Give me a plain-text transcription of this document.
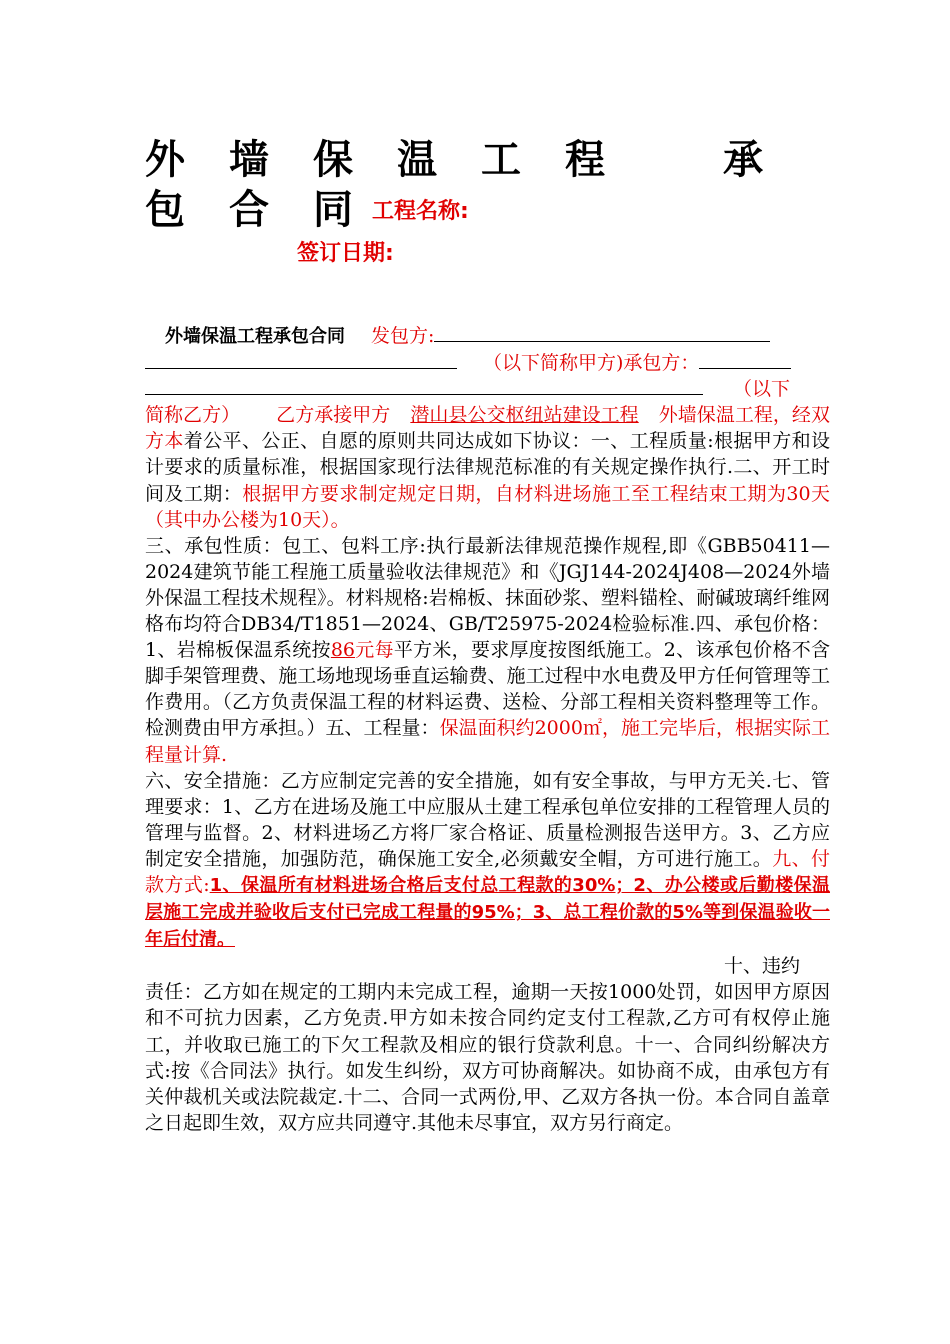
外 墙 保 温 工 程	承
包 合 同 工程名称:
签订日期:
外墙保温工程承包合同 发包方:
（以下简称甲方)承包方：
（以下
简称乙方） 乙方承接甲方 潜山县公交枢纽站建设工程 外墙保温工程，经双方本着公平、公正、自愿的原则共同达成如下协议：一、工程质量:根据甲方和设计要求的质量标准，根据国家现行法律规范标准的有关规定操作执行.二、开工时间及工期：根据甲方要求制定规定日期，自材料进场施工至工程结束工期为30天（其中办公楼为10天）。
三、承包性质：包工、包料工序:执行最新法律规范操作规程,即《GBB50411—2024建筑节能工程施工质量验收法律规范》和《JGJ144-2024J408—2024外墙外保温工程技术规程》。材料规格:岩棉板、抹面砂浆、塑料锚栓、耐碱玻璃纤维网格布均符合DB34/T1851—2024、GB/T25975-2024检验标准.四、承包价格：1、岩棉板保温系统按86元每平方米，要求厚度按图纸施工。2、该承包价格不含脚手架管理费、施工场地现场垂直运输费、施工过程中水电费及甲方任何管理等工作费用。（乙方负责保温工程的材料运费、送检、分部工程相关资料整理等工作。检测费由甲方承担。）五、工程量：保温面积约2000㎡，施工完毕后，根据实际工程量计算.
六、安全措施：乙方应制定完善的安全措施，如有安全事故，与甲方无关.七、管理要求：1、乙方在进场及施工中应服从土建工程承包单位安排的工程管理人员的管理与监督。2、材料进场乙方将厂家合格证、质量检测报告送甲方。3、乙方应制定安全措施，加强防范，确保施工安全,必须戴安全帽，方可进行施工。九、付款方式:1、保温所有材料进场合格后支付总工程款的30%；2、办公楼或后勤楼保温层施工完成并验收后支付已完成工程量的95%；3、总工程价款的5%等到保温验收一年后付清。

十、违约
责任：乙方如在规定的工期内未完成工程，逾期一天按1000处罚，如因甲方原因和不可抗力因素，乙方免责.甲方如未按合同约定支付工程款,乙方可有权停止施工，并收取已施工的下欠工程款及相应的银行贷款利息。十一、合同纠纷解决方式:按《合同法》执行。如发生纠纷，双方可协商解决。如协商不成，由承包方有关仲裁机关或法院裁定.十二、合同一式两份,甲、乙双方各执一份。本合同自盖章之日起即生效，双方应共同遵守.其他未尽事宜，双方另行商定。
